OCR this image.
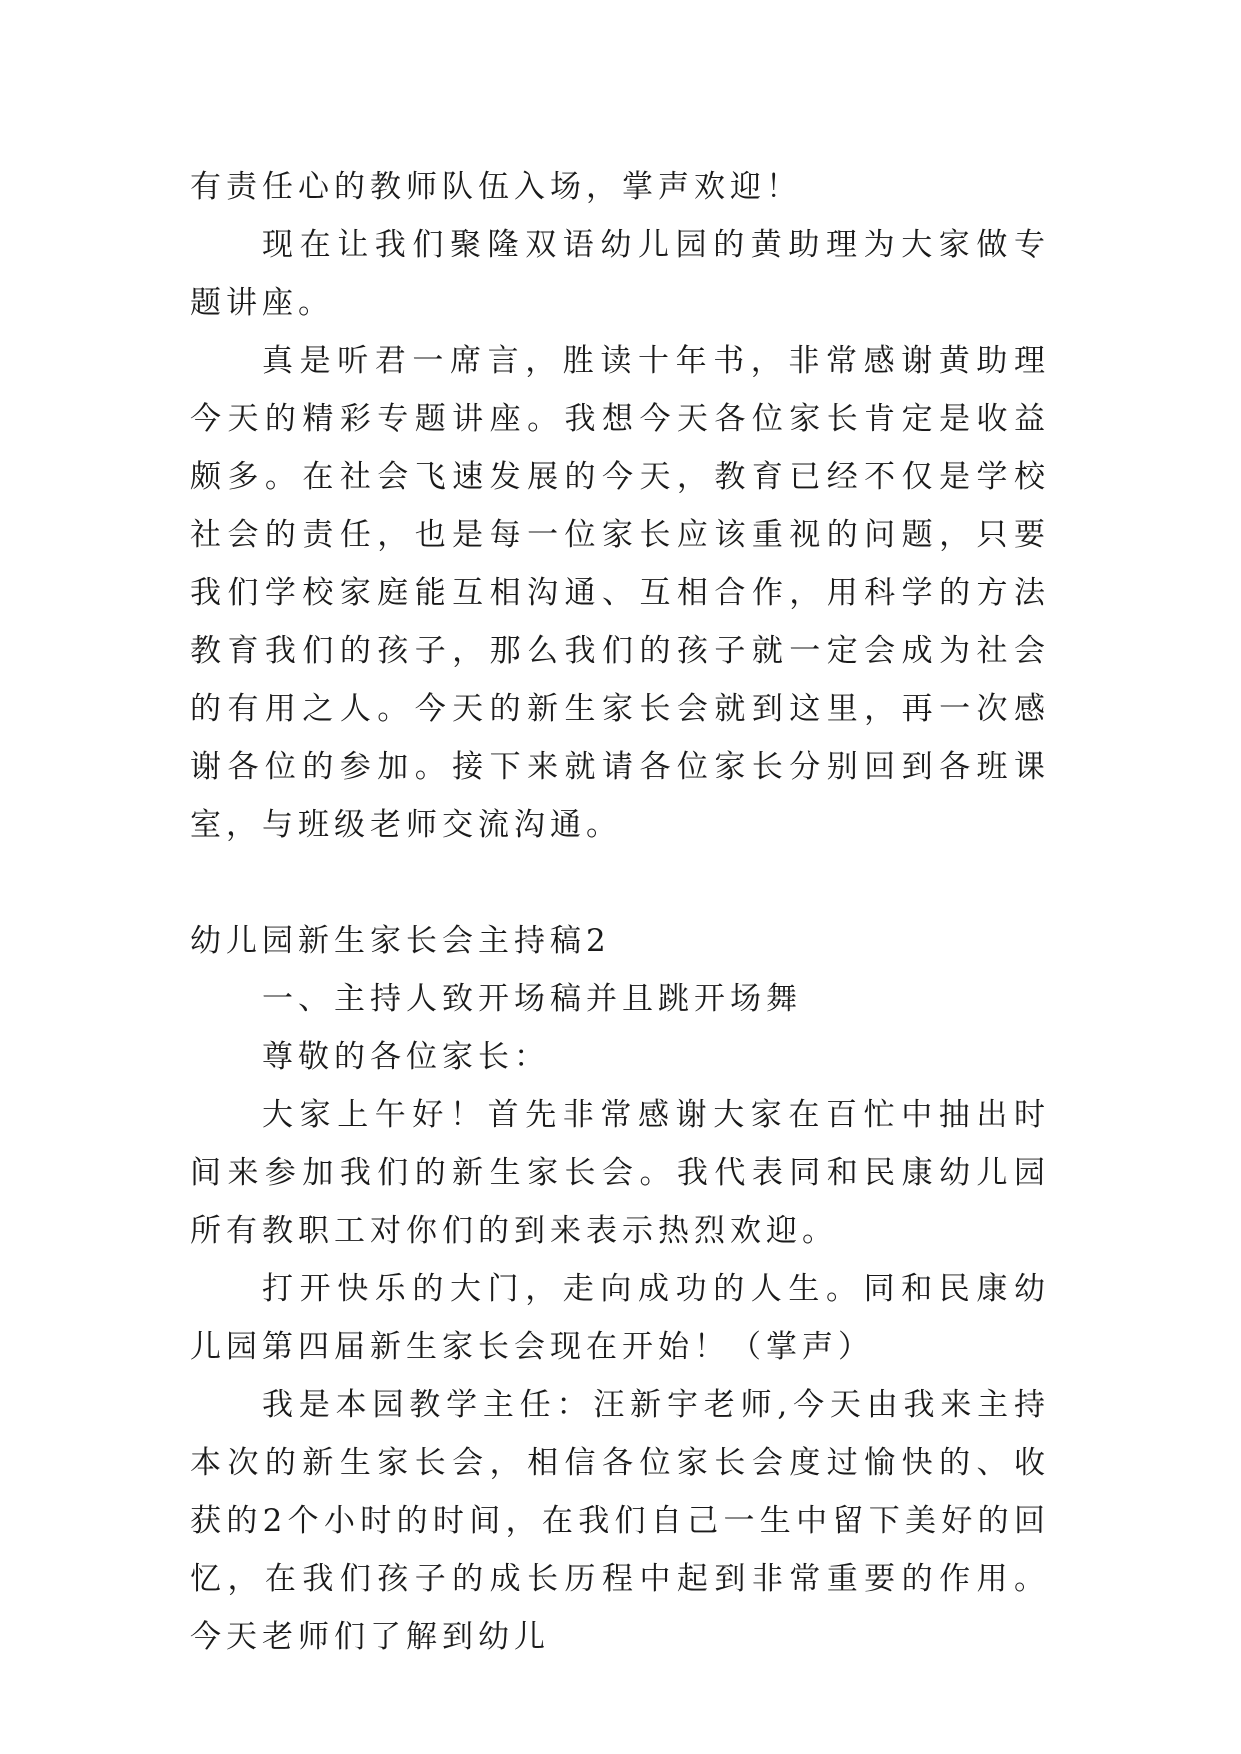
有责任心的教师队伍入场，掌声欢迎！

现在让我们聚隆双语幼儿园的黄助理为大家做专题讲座。

真是听君一席言，胜读十年书，非常感谢黄助理今天的精彩专题讲座。我想今天各位家长肯定是收益颇多。在社会飞速发展的今天，教育已经不仅是学校社会的责任，也是每一位家长应该重视的问题，只要我们学校家庭能互相沟通、互相合作，用科学的方法教育我们的孩子，那么我们的孩子就一定会成为社会的有用之人。今天的新生家长会就到这里，再一次感谢各位的参加。接下来就请各位家长分别回到各班课室，与班级老师交流沟通。

幼儿园新生家长会主持稿2

一、主持人致开场稿并且跳开场舞

尊敬的各位家长：

大家上午好！首先非常感谢大家在百忙中抽出时间来参加我们的新生家长会。我代表同和民康幼儿园所有教职工对你们的到来表示热烈欢迎。

打开快乐的大门，走向成功的人生。同和民康幼儿园第四届新生家长会现在开始！（掌声）

我是本园教学主任：汪新宇老师,今天由我来主持本次的新生家长会，相信各位家长会度过愉快的、收获的2个小时的时间，在我们自己一生中留下美好的回忆，在我们孩子的成长历程中起到非常重要的作用。今天老师们了解到幼儿
